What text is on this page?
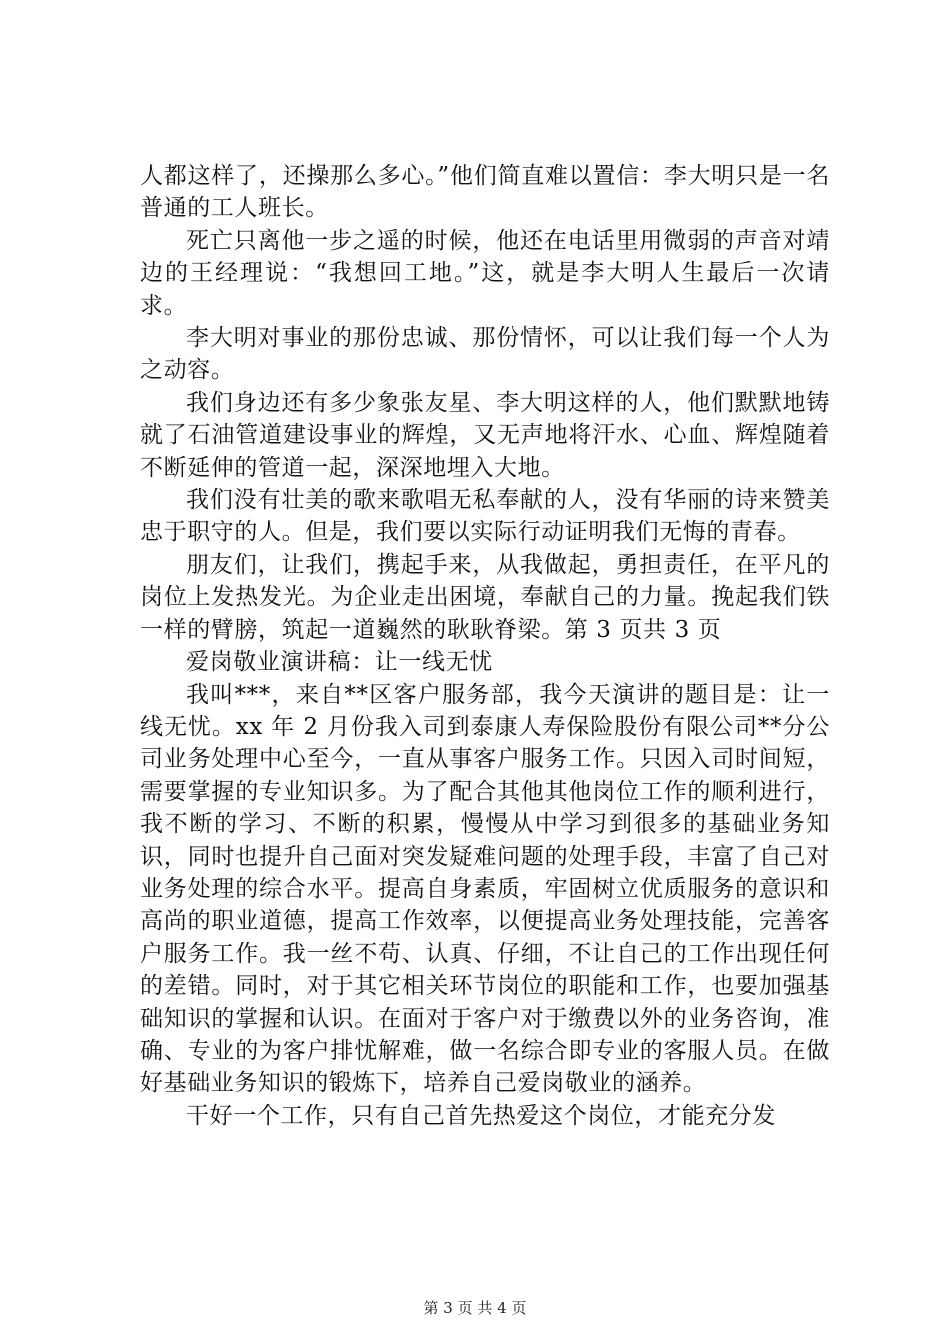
人都这样了，还操那么多心。”他们简直难以置信：李大明只是一名普通的工人班长。

死亡只离他一步之遥的时候，他还在电话里用微弱的声音对靖边的王经理说：“我想回工地。”这，就是李大明人生最后一次请求。

李大明对事业的那份忠诚、那份情怀，可以让我们每一个人为之动容。

我们身边还有多少象张友星、李大明这样的人，他们默默地铸就了石油管道建设事业的辉煌，又无声地将汗水、心血、辉煌随着不断延伸的管道一起，深深地埋入大地。

我们没有壮美的歌来歌唱无私奉献的人，没有华丽的诗来赞美忠于职守的人。但是，我们要以实际行动证明我们无悔的青春。

朋友们，让我们，携起手来，从我做起，勇担责任，在平凡的岗位上发热发光。为企业走出困境，奉献自己的力量。挽起我们铁一样的臂膀，筑起一道巍然的耿耿脊梁。第 3 页共 3 页

爱岗敬业演讲稿：让一线无忧

我叫***，来自**区客户服务部，我今天演讲的题目是：让一线无忧。xx 年 2 月份我入司到泰康人寿保险股份有限公司**分公司业务处理中心至今，一直从事客户服务工作。只因入司时间短，需要掌握的专业知识多。为了配合其他其他岗位工作的顺利进行，我不断的学习、不断的积累，慢慢从中学习到很多的基础业务知识，同时也提升自己面对突发疑难问题的处理手段，丰富了自己对业务处理的综合水平。提高自身素质，牢固树立优质服务的意识和高尚的职业道德，提高工作效率，以便提高业务处理技能，完善客户服务工作。我一丝不苟、认真、仔细，不让自己的工作出现任何的差错。同时，对于其它相关环节岗位的职能和工作，也要加强基础知识的掌握和认识。在面对于客户对于缴费以外的业务咨询，准确、专业的为客户排忧解难，做一名综合即专业的客服人员。在做好基础业务知识的锻炼下，培养自己爱岗敬业的涵养。

干好一个工作，只有自己首先热爱这个岗位，才能充分发

第 3 页 共 4 页
